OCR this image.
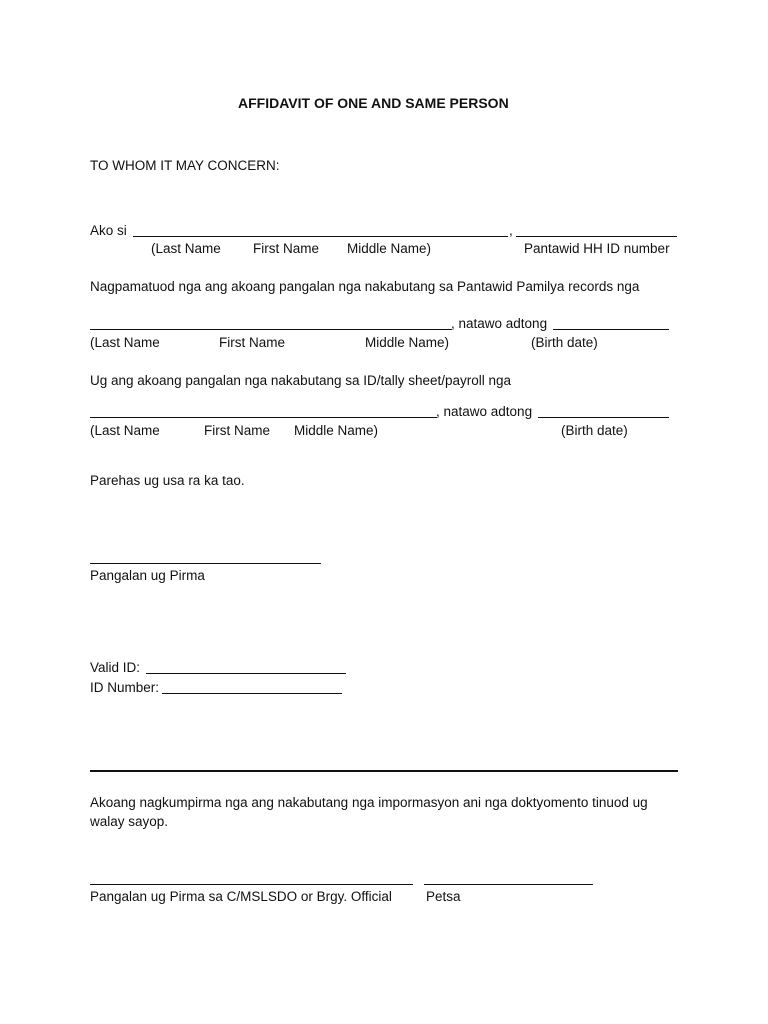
AFFIDAVIT OF ONE AND SAME PERSON
TO WHOM IT MAY CONCERN:
Ako si	,
(Last Name First Name Middle Name)	Pantawid HH ID number
Nagpamatuod nga ang akoang pangalan nga nakabutang sa Pantawid Pamilya records nga
, natawo adtong
(Last Name	First Name	Middle Name)	(Birth date)
Ug ang akoang pangalan nga nakabutang sa ID/tally sheet/payroll nga
, natawo adtong
(Last Name	First Name Middle Name)	(Birth date)
Parehas ug usa ra ka tao.
Pangalan ug Pirma
Valid ID:
ID Number:
Akoang nagkumpirma nga ang nakabutang nga impormasyon ani nga doktyomento tinuod ug
walay sayop.
Pangalan ug Pirma sa C/MSLSDO or Brgy. Official	Petsa
